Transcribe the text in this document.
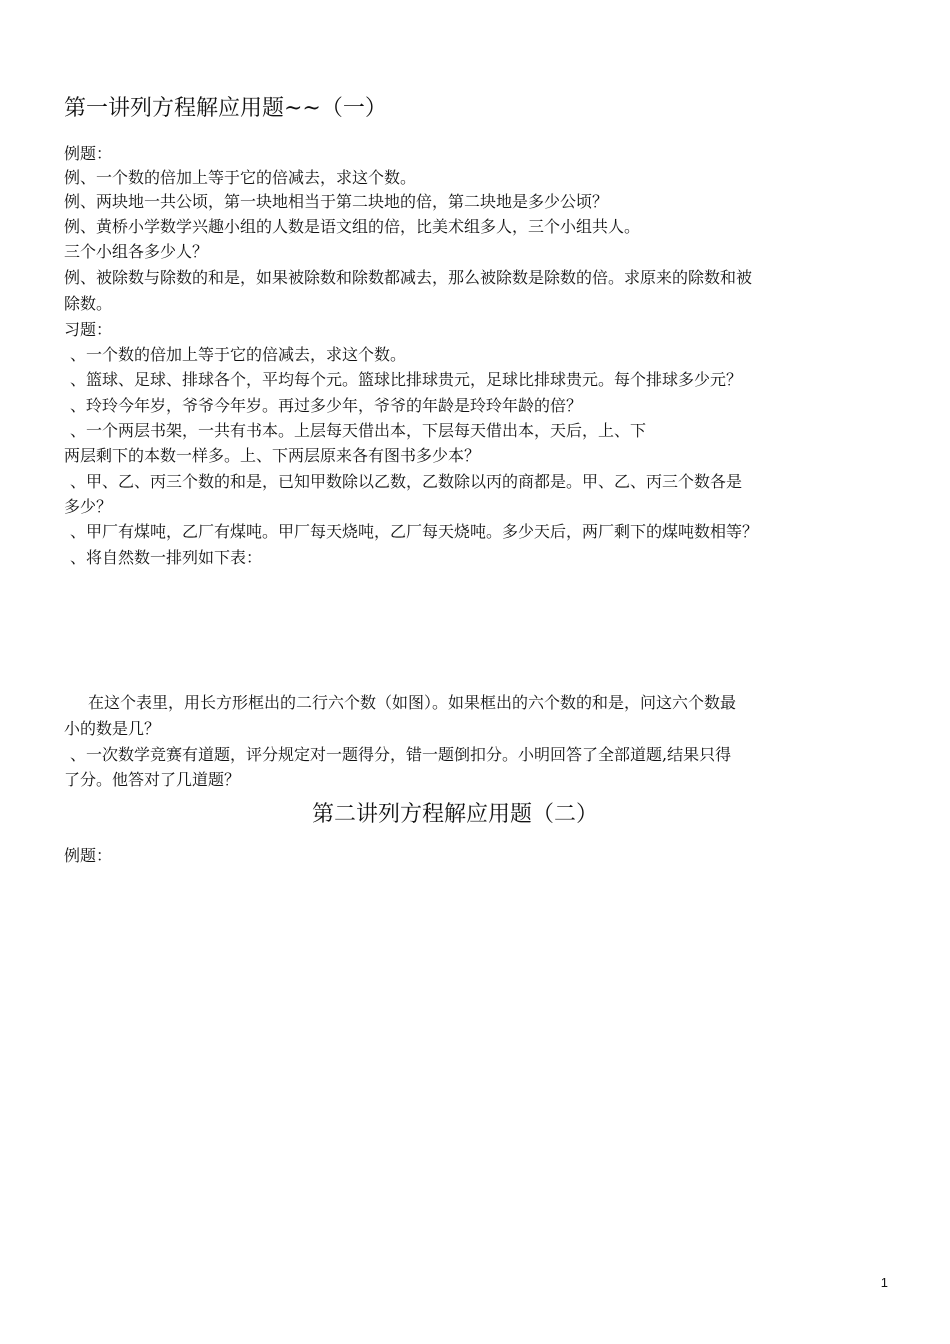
第一讲列方程解应用题~~（一）
例题：
例、一个数的倍加上等于它的倍减去，求这个数。
例、两块地一共公顷，第一块地相当于第二块地的倍，第二块地是多少公顷？
例、黄桥小学数学兴趣小组的人数是语文组的倍，比美术组多人，三个小组共人。
三个小组各多少人？
例、被除数与除数的和是，如果被除数和除数都减去，那么被除数是除数的倍。求原来的除数和被
除数。
习题：
、一个数的倍加上等于它的倍减去，求这个数。
、篮球、足球、排球各个，平均每个元。篮球比排球贵元，足球比排球贵元。每个排球多少元？
、玲玲今年岁，爷爷今年岁。再过多少年，爷爷的年龄是玲玲年龄的倍？
、一个两层书架，一共有书本。上层每天借出本，下层每天借出本，天后，上、下
两层剩下的本数一样多。上、下两层原来各有图书多少本？
、甲、乙、丙三个数的和是，已知甲数除以乙数，乙数除以丙的商都是。甲、乙、丙三个数各是
多少？
、甲厂有煤吨，乙厂有煤吨。甲厂每天烧吨，乙厂每天烧吨。多少天后，两厂剩下的煤吨数相等？
、将自然数一排列如下表：
在这个表里，用长方形框出的二行六个数（如图）。如果框出的六个数的和是，问这六个数最
小的数是几？
、一次数学竞赛有道题，评分规定对一题得分，错一题倒扣分。小明回答了全部道题,结果只得
了分。他答对了几道题？
第二讲列方程解应用题（二）
例题：
1
